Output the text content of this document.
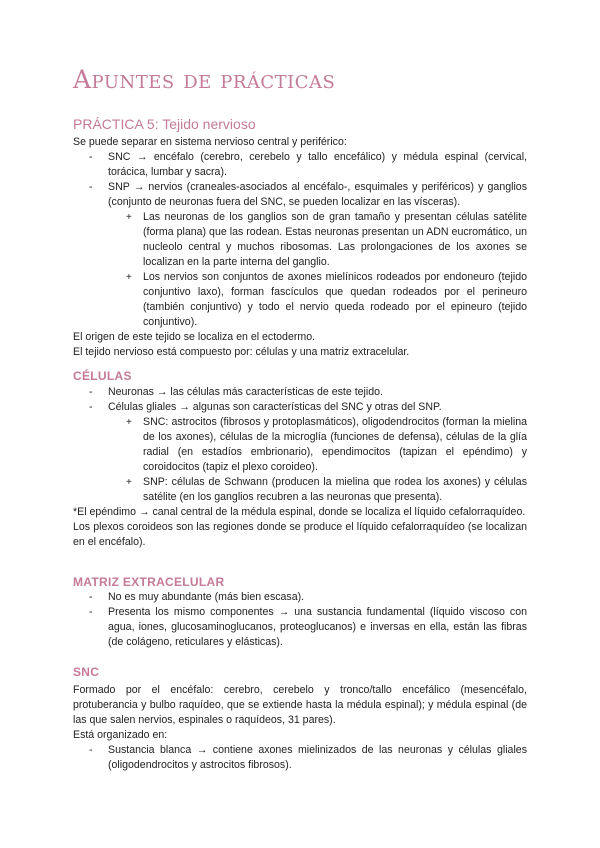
Apuntes de prácticas
PRÁCTICA 5: Tejido nervioso

Se puede separar en sistema nervioso central y periférico:

- SNC → encéfalo (cerebro, cerebelo y tallo encefálico) y médula espinal (cervical, torácica, lumbar y sacra).
- SNP → nervios (craneales-asociados al encéfalo-, esquimales y periféricos) y ganglios (conjunto de neuronas fuera del SNC, se pueden localizar en las vísceras).
+ Las neuronas de los ganglios son de gran tamaño y presentan células satélite (forma plana) que las rodean. Estas neuronas presentan un ADN eucromático, un nucleolo central y muchos ribosomas. Las prolongaciones de los axones se localizan en la parte interna del ganglio.
+ Los nervios son conjuntos de axones mielínicos rodeados por endoneuro (tejido conjuntivo laxo), forman fascículos que quedan rodeados por el perineuro (también conjuntivo) y todo el nervio queda rodeado por el epineuro (tejido conjuntivo).

El origen de este tejido se localiza en el ectodermo.

El tejido nervioso está compuesto por: células y una matriz extracelular.

CÉLULAS
- Neuronas → las células más características de este tejido.
- Células gliales → algunas son características del SNC y otras del SNP.
+ SNC: astrocitos (fibrosos y protoplasmáticos), oligodendrocitos (forman la mielina de los axones), células de la microglía (funciones de defensa), células de la glía radial (en estadíos embrionario), ependimocitos (tapizan el epéndimo) y coroidocitos (tapiz el plexo coroideo).
+ SNP: células de Schwann (producen la mielina que rodea los axones) y células satélite (en los ganglios recubren a las neuronas que presenta).

*El epéndimo → canal central de la médula espinal, donde se localiza el líquido cefalorraquídeo.

Los plexos coroideos son las regiones donde se produce el líquido cefalorraquídeo (se localizan en el encéfalo).

MATRIZ EXTRACELULAR
- No es muy abundante (más bien escasa).
- Presenta los mismo componentes → una sustancia fundamental (líquido viscoso con agua, iones, glucosaminoglucanos, proteoglucanos) e inversas en ella, están las fibras (de colágeno, reticulares y elásticas).
SNC

Formado por el encéfalo: cerebro, cerebelo y tronco/tallo encefálico (mesencéfalo, protuberancia y bulbo raquídeo, que se extiende hasta la médula espinal); y médula espinal (de las que salen nervios, espinales o raquídeos, 31 pares).

Está organizado en:

- Sustancia blanca → contiene axones mielinizados de las neuronas y células gliales (oligodendrocitos y astrocitos fibrosos).
